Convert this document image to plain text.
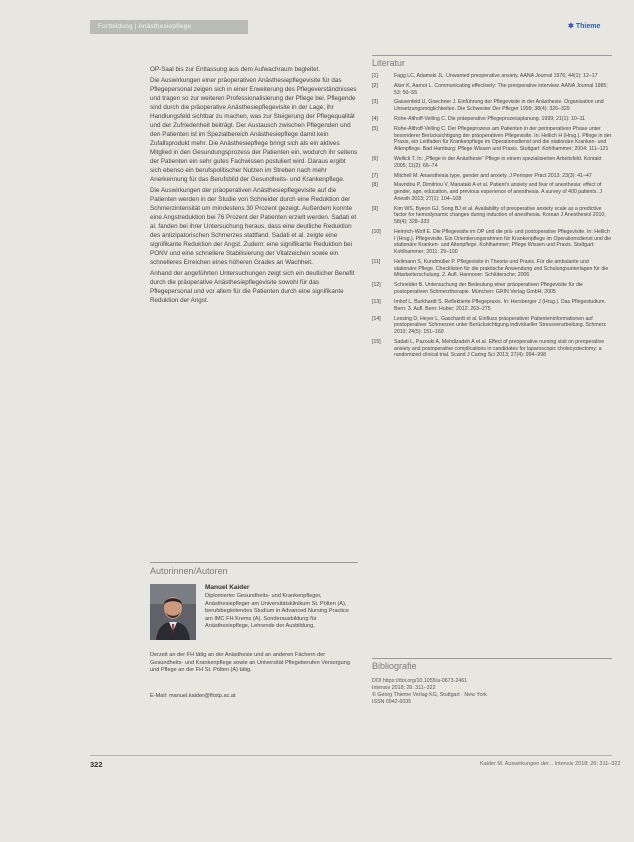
Fortbildung | Anästhesiepflege	✱ Thieme
Literatur

OP-Saal bis zur Entlassung aus dem Aufwachraum begleitet.

Die Auswirkungen einer präoperativen Anästhesiepflegevisite für das Pflegepersonal zeigen sich in einer Erweiterung des Pflegeverständnisses und tragen so zur weiteren Professionalisierung der Pflege bei. Pflegende sind durch die präoperative Anästhesiepflegevisite in der Lage, ihr Handlungsfeld sichtbar zu machen, was zur Steigerung der Pflegequalität und der Zufriedenheit beiträgt. Der Austausch zwischen Pflegenden und den Patienten ist im Spezialbereich Anästhesiepflege damit kein Zufallsprodukt mehr. Die Anästhesiepflege bringt sich als ein aktives Mitglied in den Gesundungsprozess der Patienten ein, wodurch ihr seitens der Patienten ein sehr gutes Fachwissen postuliert wird. Daraus ergibt sich ebenso ein berufspolitischer Nutzen im Streben nach mehr Anerkennung für das Berufsbild der Gesundheits- und Krankenpflege.

Die Auswirkungen der präoperativen Anästhesiepflegevisite auf die Patienten werden in der Studie von Schneider durch eine Reduktion der Schmerzintensität um mindestens 30 Prozent gezeigt. Außerdem konnte eine Angstreduktion bei 76 Prozent der Patienten erzielt werden. Sadati et al. fanden bei ihrer Untersuchung heraus, dass eine deutliche Reduktion des antizipatorischen Schmerzes stattfand. Sadati et al. zeigte eine signifikante Reduktion der Angst. Zudem: eine signifikante Reduktion bei PONV und eine schnellere Stabilisierung der Vitalzeichen sowie ein schnelleres Erreichen eines höheren Grades an Wachheit.

Anhand der angeführten Untersuchungen zeigt sich ein deutlicher Benefit durch die präoperative Anästhesiepflegevisite sowohl für das Pflegepersonal und vor allem für die Patienten durch eine signifikante Reduktion der Angst.

[1]	Fagg LC, Adamski JL. Unwanted preoperative anxiety. AANA Journal 1976; 44(1): 12–17
[2]	Aker K, Aamot L. Communicating effectively: The preoperative interview. AANA Journal 1985; 53: 50–55
[3]	Gassenfeld U, Goechner J. Einführung der Pflegevisite in der Anästhesie. Organisation und Umsetzungsmöglichkeiten. Die Schwester Der Pfleger 1999; 38(4): 326–329
[4]	Rohe-Althoff-Velling C. Die präoperative Pflegeprozessplanung. 1999; 21(1): 10–11
[5]	Rohe-Althoff-Velling C. Der Pflegeprozess am Patienten in der perioperativen Phase unter besonderer Berücksichtigung der präoperativen Pflegevisite. In: Hellich H (Hrsg.). Pflege in der Praxis, ein Leitfaden für Krankenpflege im Operationsdienst und die stationäre Kranken- und Altenpflege. Bad Hamburg: Pflege Wissen und Praxis. Stuttgart: Kohlhammer; 2004: 111–121
[6]	Wellick T. In: „Pflege in der Anästhesie“ Pflege in einem spezialisierten Arbeitsfeld. Kontakt 2005; 11(2): 66–74
[7]	Mitchell M. Anaesthesia type, gender and anxiety. J Perioper Pract 2013; 23(3): 41–47
[8]	Mavridou P, Dimitriou V, Manataki A et al. Patient's anxiety and fear of anesthesia: effect of gender, age, education, and previous experience of anesthesia. A survey of 400 patients. J Anesth 2013; 27(1): 104–108
[9]	Kim WS, Byeon GJ, Song BJ et al. Availability of preoperative anxiety scale as a predictive factor for hemodynamic changes during induction of anesthesia. Korean J Anesthesiol 2010; 58(4): 328–333
[10]	Heinrich-Wolf E. Die Pflegevisite im OP und die prä- und postoperative Pflegevisite. In: Hellich I (Hrsg.). Pflegevisite. Ein Orientierungsrahmen für Krankenpflege im Operationsdienst und die stationäre Kranken- und Altenpflege. Kohlhammer; Pflege Wissen und Praxis. Stuttgart: Kohlhammer; 2011: 29–100
[11]	Hellmann S, Kundmüller P. Pflegevisite in Theorie und Praxis. Für die ambulante und stationäre Pflege. Checklisten für die praktische Anwendung und Schulungsunterlagen für die Mitarbeiterschulung. 2. Aufl. Hannover: Schlütersche; 2006
[12]	Schneider B. Untersuchung der Bedeutung einer präoperativen Pflegevisite für die postoperativen Schmerztherapie. München: GRIN Verlag GmbH; 2005
[13]	Imhof L, Burkhardt S. Reflektierte Pflegepraxis. In: Hersberger J (Hrsg.). Das Pflegestudium. Bern: 3. Aufl. Bern: Huber; 2012: 263–275
[14]	Lessing D, Heyer L, Gaschardt et al. Einfluss präoperativer Patienteninformationen auf postoperativer Schmerzen unter Berücksichtigung individueller Stressverarbeitung. Schmerz 2010; 24(5): 151–160
[15]	Sadati L, Pazouki A, Mehdizadeh A et al. Effect of preoperative nursing visit on preoperative anxiety and postoperative complications in candidates for laparoscopic cholecystectomy: a randomized clinical trial. Scand J Caring Sci 2013; 27(4): 994–998
Autorinnen/Autoren
Manuel Kaider
Diplomierter Gesundheits- und Krankenpfleger, Anästhesiepfleger am Universitätsklinikum St. Pölten (A), berufsbegleitendes Studium in Advanced Nursing Practice am IMC FH Krems (A). Sonderausbildung für Anästhesiepflege, Lehrende der Ausbildung,
Derzeit an der FH tätig an der Anästhesie und an anderen Fächern der Gesundheits- und Krankenpflege sowie an Universität Pflegeberufen Versorgung und Pflege an der FH St. Pölten (A) tätig.
E-Mail: manuel.kaider@fhstp.ac.at
Bibliografie
DOI https://doi.org/10.1055/a-0673-2461
Intensiv 2018; 26: 311–322
© Georg Thieme Verlag KG, Stuttgart · New York
ISSN 0942-6035
322	Kaider M. Auswirkungen der... Intensiv 2018; 26: 311–322
